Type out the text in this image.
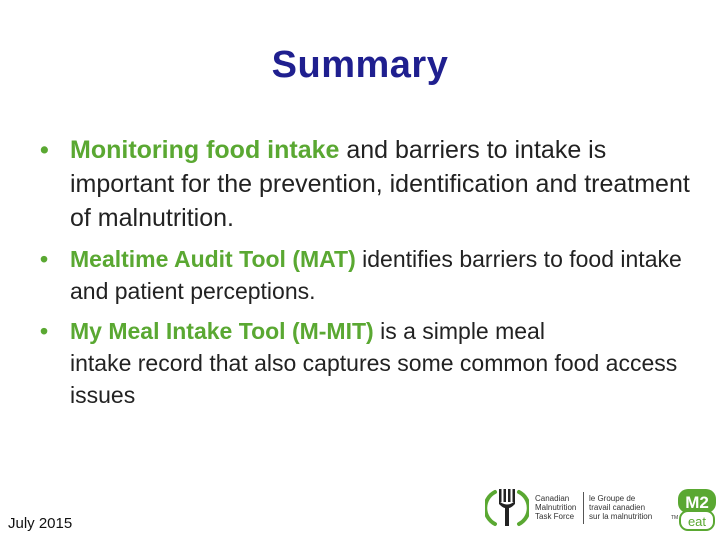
Summary
• Monitoring food intake and barriers to intake is important for the prevention, identification and treatment of malnutrition.
• Mealtime Audit Tool (MAT) identifies barriers to food intake and patient perceptions.
• My Meal Intake Tool (M-MIT) is a simple meal
intake record that also captures some common food access issues
July 2015
Canadian
Malnutrition
Task Force
le Groupe de
travail canadien
sur la malnutrition	TM
M2
eat
